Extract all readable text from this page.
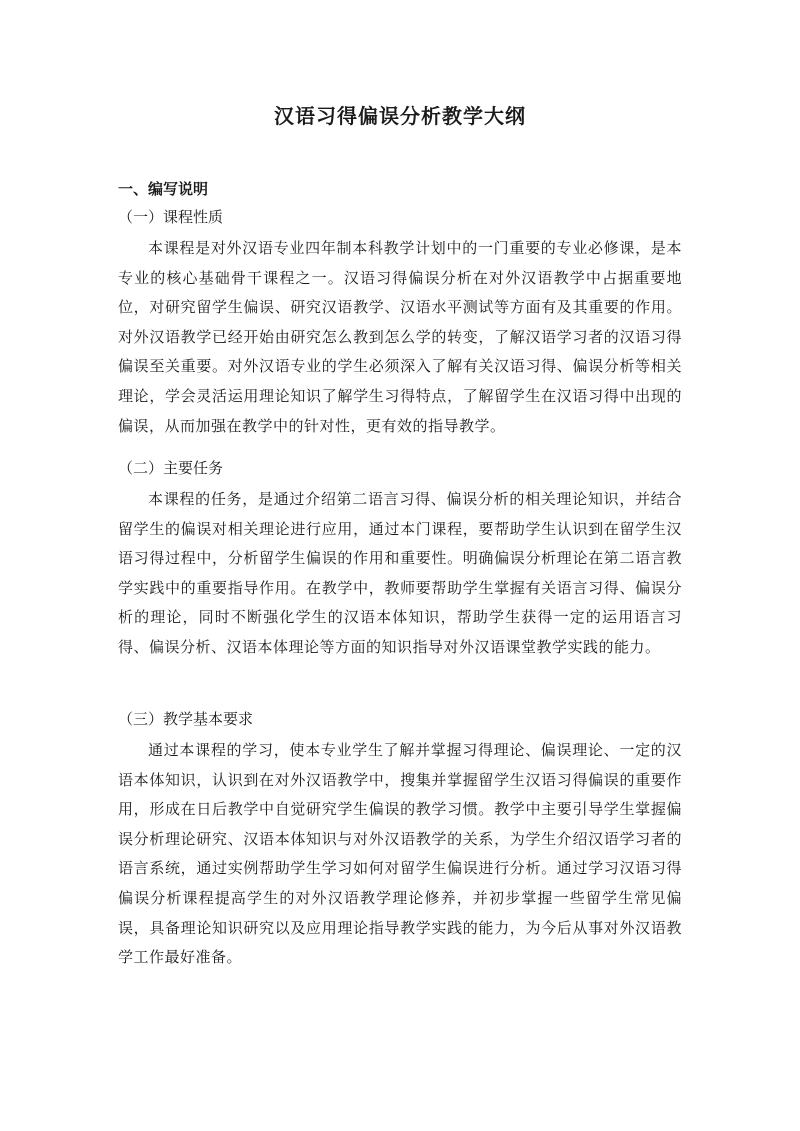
汉语习得偏误分析教学大纲
一、编写说明
（一）课程性质

本课程是对外汉语专业四年制本科教学计划中的一门重要的专业必修课，是本专业的核心基础骨干课程之一。汉语习得偏误分析在对外汉语教学中占据重要地位，对研究留学生偏误、研究汉语教学、汉语水平测试等方面有及其重要的作用。对外汉语教学已经开始由研究怎么教到怎么学的转变，了解汉语学习者的汉语习得偏误至关重要。对外汉语专业的学生必须深入了解有关汉语习得、偏误分析等相关理论，学会灵活运用理论知识了解学生习得特点，了解留学生在汉语习得中出现的偏误，从而加强在教学中的针对性，更有效的指导教学。

（二）主要任务

本课程的任务，是通过介绍第二语言习得、偏误分析的相关理论知识，并结合留学生的偏误对相关理论进行应用，通过本门课程，要帮助学生认识到在留学生汉语习得过程中，分析留学生偏误的作用和重要性。明确偏误分析理论在第二语言教学实践中的重要指导作用。在教学中，教师要帮助学生掌握有关语言习得、偏误分析的理论，同时不断强化学生的汉语本体知识，帮助学生获得一定的运用语言习得、偏误分析、汉语本体理论等方面的知识指导对外汉语课堂教学实践的能力。

（三）教学基本要求

通过本课程的学习，使本专业学生了解并掌握习得理论、偏误理论、一定的汉语本体知识，认识到在对外汉语教学中，搜集并掌握留学生汉语习得偏误的重要作用，形成在日后教学中自觉研究学生偏误的教学习惯。教学中主要引导学生掌握偏误分析理论研究、汉语本体知识与对外汉语教学的关系，为学生介绍汉语学习者的语言系统，通过实例帮助学生学习如何对留学生偏误进行分析。通过学习汉语习得偏误分析课程提高学生的对外汉语教学理论修养，并初步掌握一些留学生常见偏误，具备理论知识研究以及应用理论指导教学实践的能力，为今后从事对外汉语教学工作最好准备。
